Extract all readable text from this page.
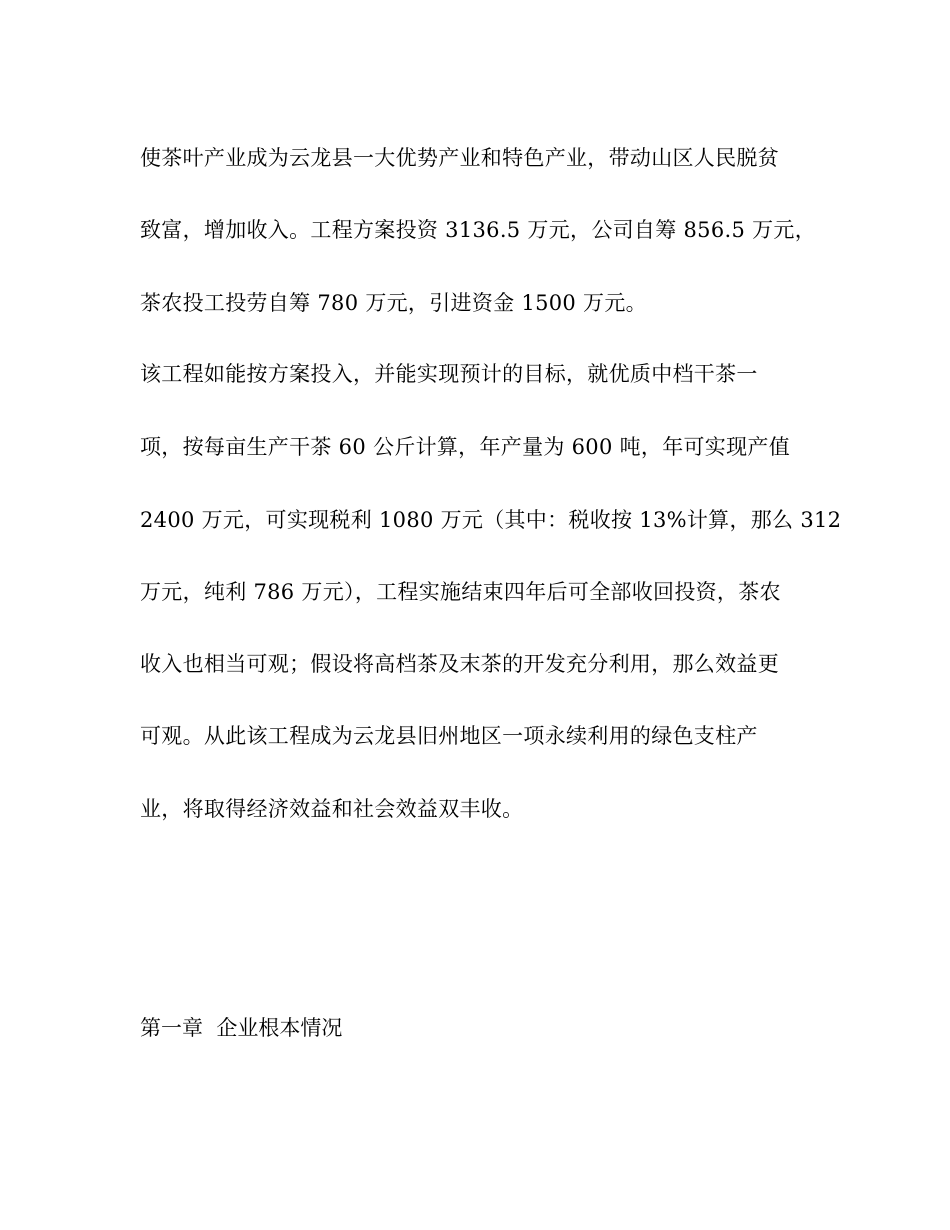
使茶叶产业成为云龙县一大优势产业和特色产业，带动山区人民脱贫
致富，增加收入。工程方案投资 3136.5 万元，公司自筹 856.5 万元，
茶农投工投劳自筹 780 万元，引进资金 1500 万元。
该工程如能按方案投入，并能实现预计的目标，就优质中档干茶一
项，按每亩生产干茶 60 公斤计算，年产量为 600 吨，年可实现产值
2400 万元，可实现税利 1080 万元（其中：税收按 13%计算，那么 312
万元，纯利 786 万元），工程实施结束四年后可全部收回投资，茶农
收入也相当可观；假设将高档茶及末茶的开发充分利用，那么效益更
可观。从此该工程成为云龙县旧州地区一项永续利用的绿色支柱产
业，将取得经济效益和社会效益双丰收。
第一章  企业根本情况
